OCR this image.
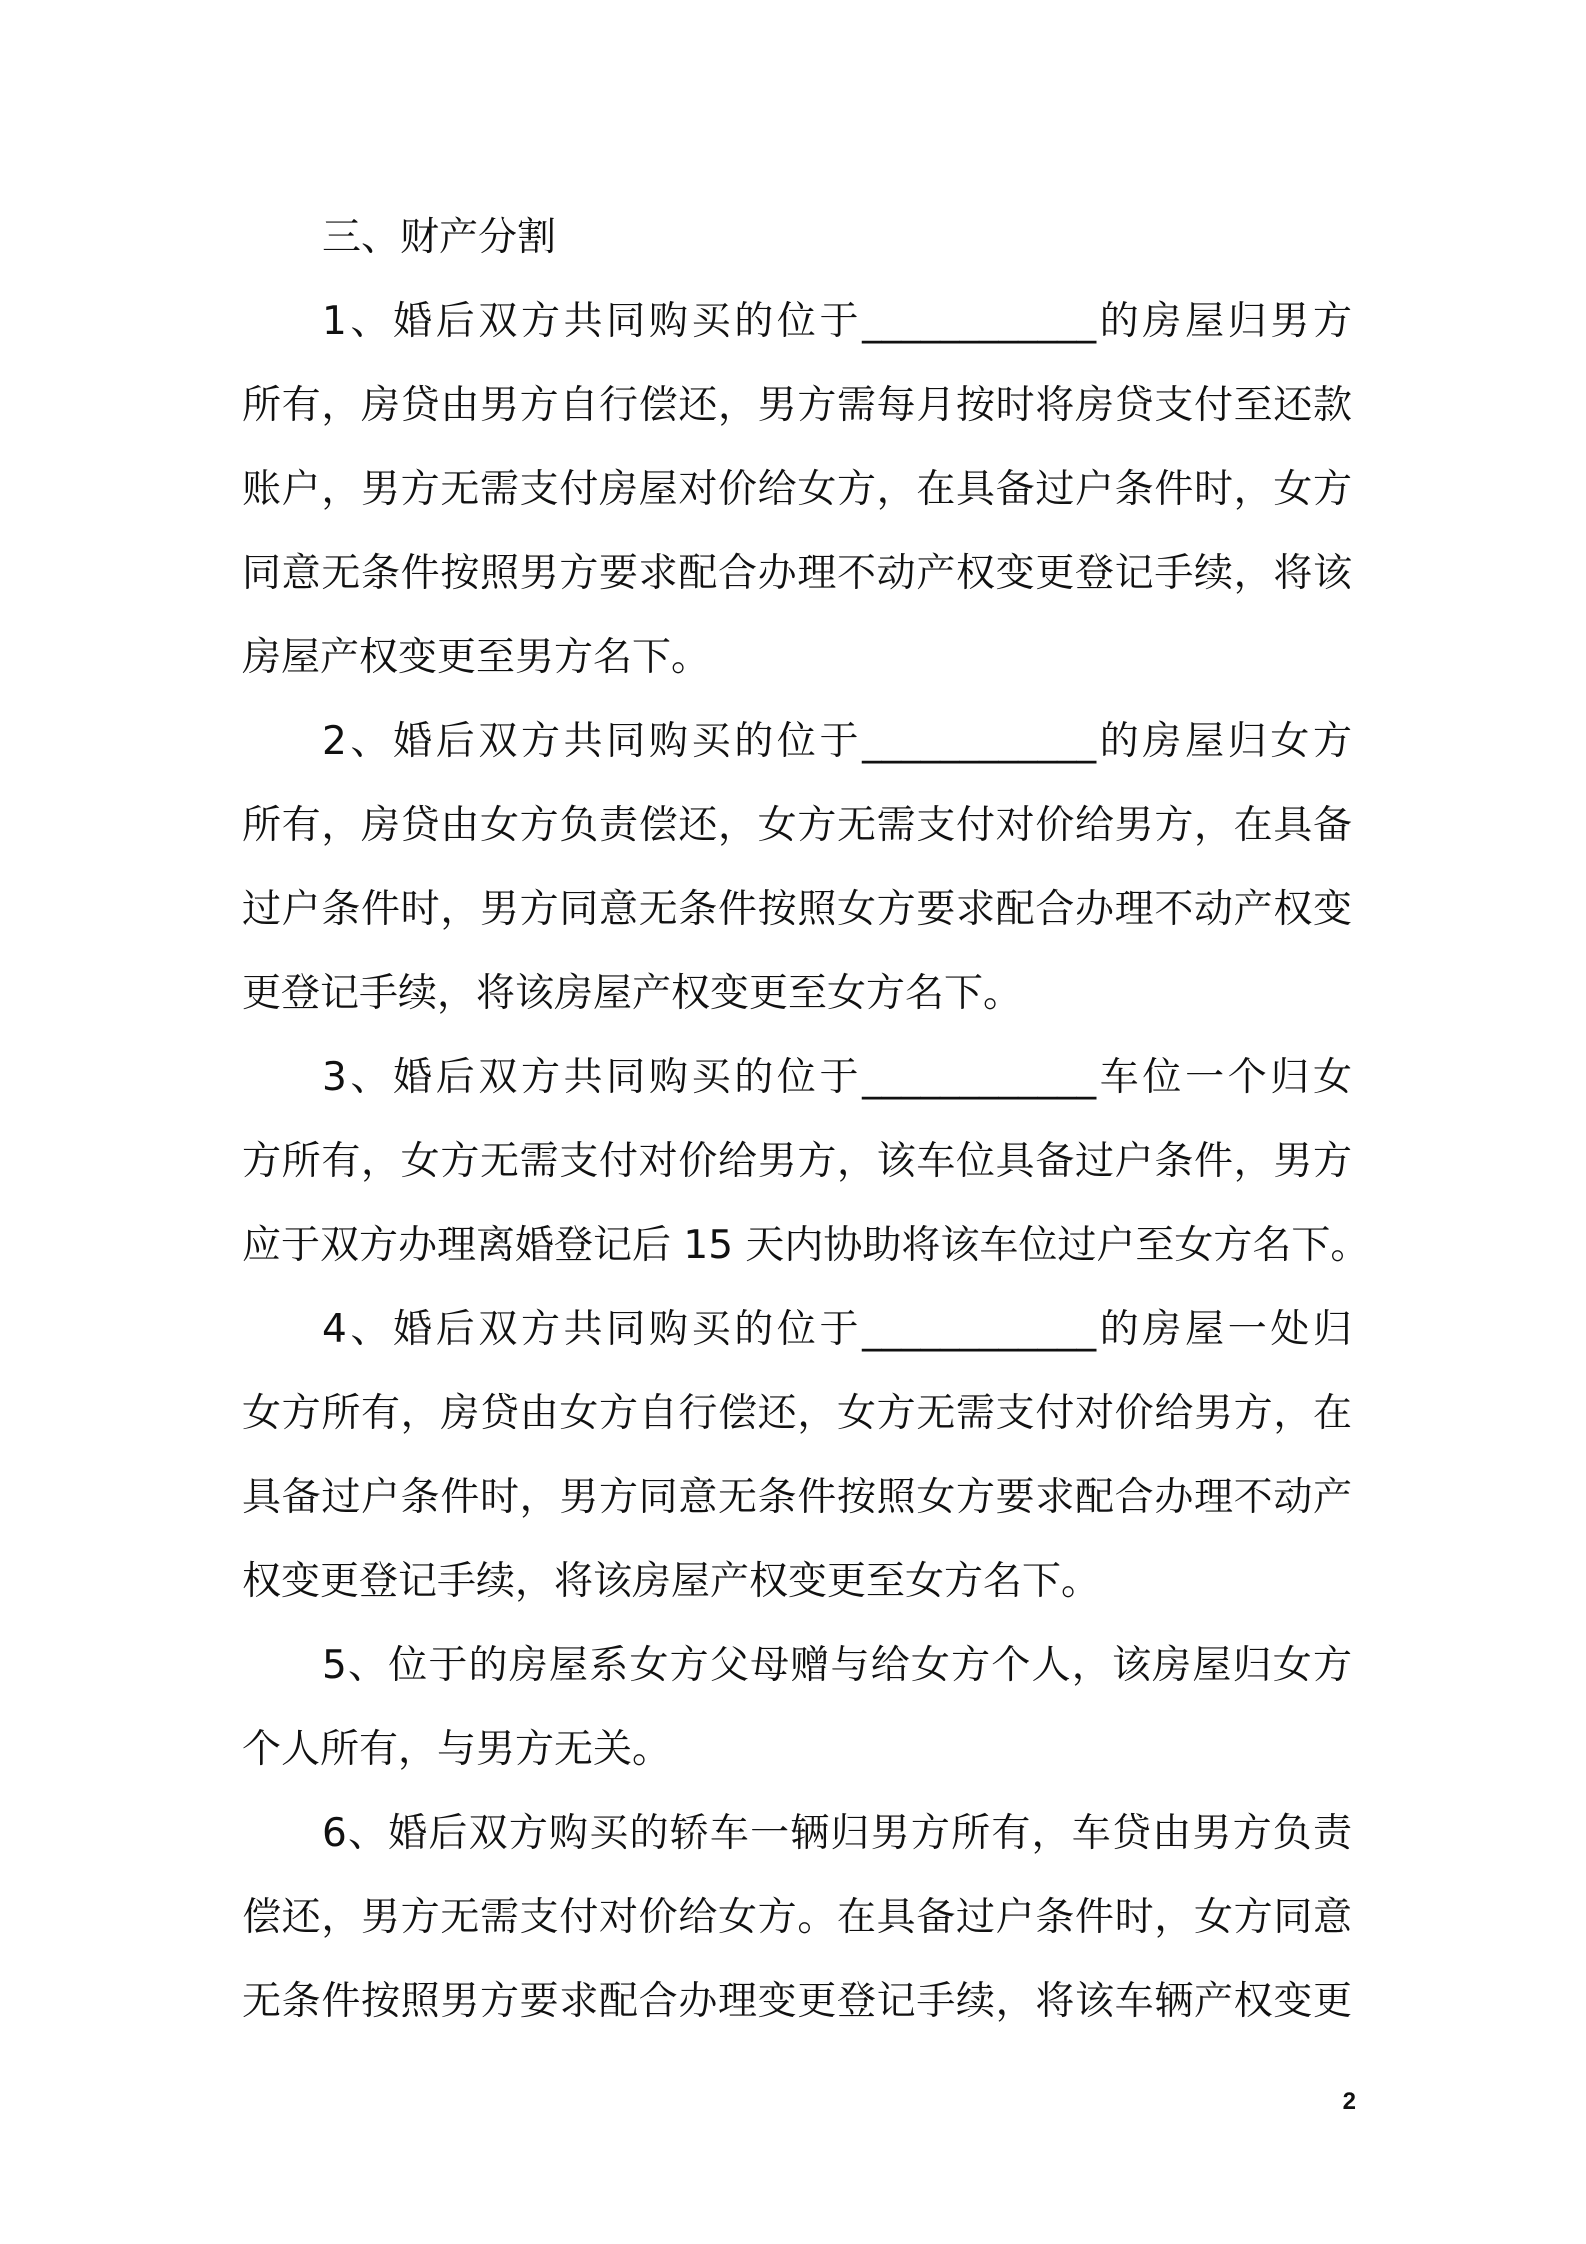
三、财产分割

1、婚后双方共同购买的位于____________的房屋归男方
所有，房贷由男方自行偿还，男方需每月按时将房贷支付至还款
账户，男方无需支付房屋对价给女方，在具备过户条件时，女方
同意无条件按照男方要求配合办理不动产权变更登记手续，将该
房屋产权变更至男方名下。
2、婚后双方共同购买的位于____________的房屋归女方
所有，房贷由女方负责偿还，女方无需支付对价给男方，在具备
过户条件时，男方同意无条件按照女方要求配合办理不动产权变
更登记手续，将该房屋产权变更至女方名下。
3、婚后双方共同购买的位于____________车位一个归女
方所有，女方无需支付对价给男方，该车位具备过户条件，男方
应于双方办理离婚登记后 15 天内协助将该车位过户至女方名下。
4、婚后双方共同购买的位于____________的房屋一处归
女方所有，房贷由女方自行偿还，女方无需支付对价给男方，在
具备过户条件时，男方同意无条件按照女方要求配合办理不动产
权变更登记手续，将该房屋产权变更至女方名下。
5、位于的房屋系女方父母赠与给女方个人，该房屋归女方
个人所有，与男方无关。
6、婚后双方购买的轿车一辆归男方所有，车贷由男方负责
偿还，男方无需支付对价给女方。在具备过户条件时，女方同意
无条件按照男方要求配合办理变更登记手续，将该车辆产权变更
2
